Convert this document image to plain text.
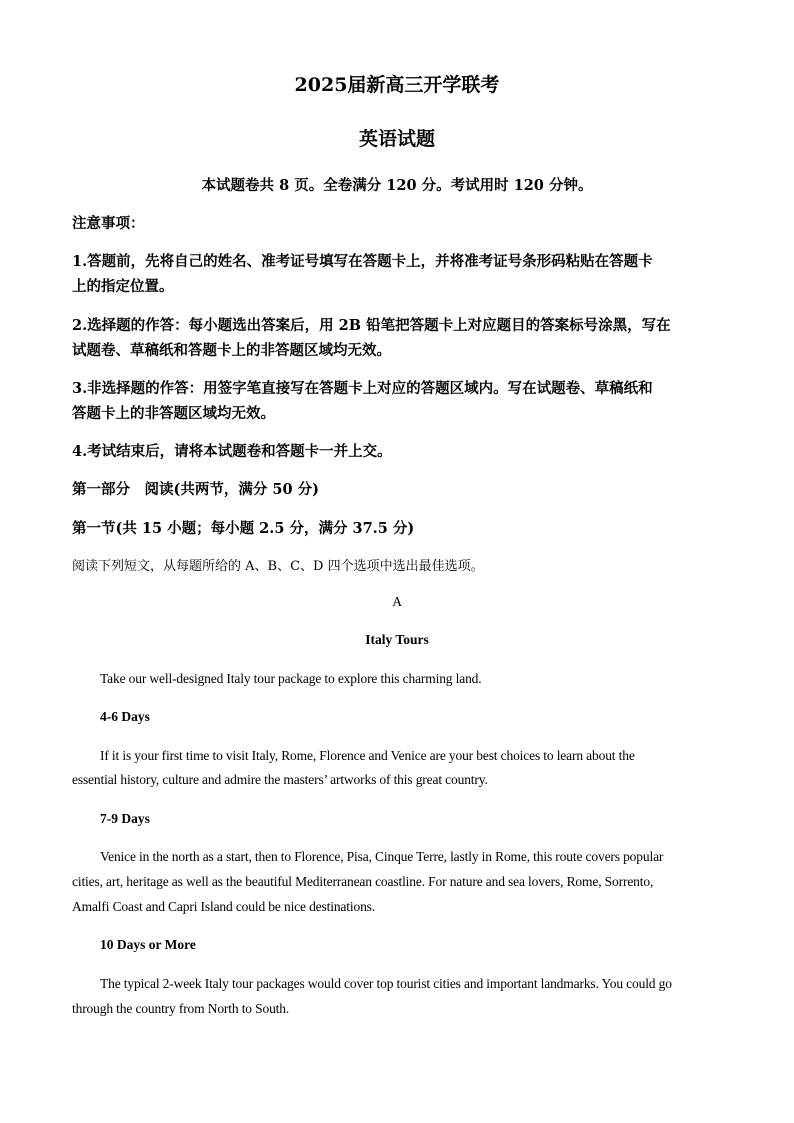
2025届新高三开学联考
英语试题
本试题卷共 8 页。全卷满分 120 分。考试用时 120 分钟。
注意事项：
1.答题前，先将自己的姓名、准考证号填写在答题卡上，并将准考证号条形码粘贴在答题卡
上的指定位置。
2.选择题的作答：每小题选出答案后，用 2B 铅笔把答题卡上对应题目的答案标号涂黑，写在
试题卷、草稿纸和答题卡上的非答题区域均无效。
3.非选择题的作答：用签字笔直接写在答题卡上对应的答题区域内。写在试题卷、草稿纸和
答题卡上的非答题区域均无效。
4.考试结束后，请将本试题卷和答题卡一并上交。
第一部分　阅读(共两节，满分 50 分)
第一节(共 15 小题；每小题 2.5 分，满分 37.5 分)
阅读下列短文，从每题所给的 A、B、C、D 四个选项中选出最佳选项。
A
Italy Tours
Take our well-designed Italy tour package to explore this charming land.
4-6 Days
If it is your first time to visit Italy, Rome, Florence and Venice are your best choices to learn about the
essential history, culture and admire the masters’ artworks of this great country.
7-9 Days
Venice in the north as a start, then to Florence, Pisa, Cinque Terre, lastly in Rome, this route covers popular
cities, art, heritage as well as the beautiful Mediterranean coastline. For nature and sea lovers, Rome, Sorrento,
Amalfi Coast and Capri Island could be nice destinations.
10 Days or More
The typical 2-week Italy tour packages would cover top tourist cities and important landmarks. You could go
through the country from North to South.
